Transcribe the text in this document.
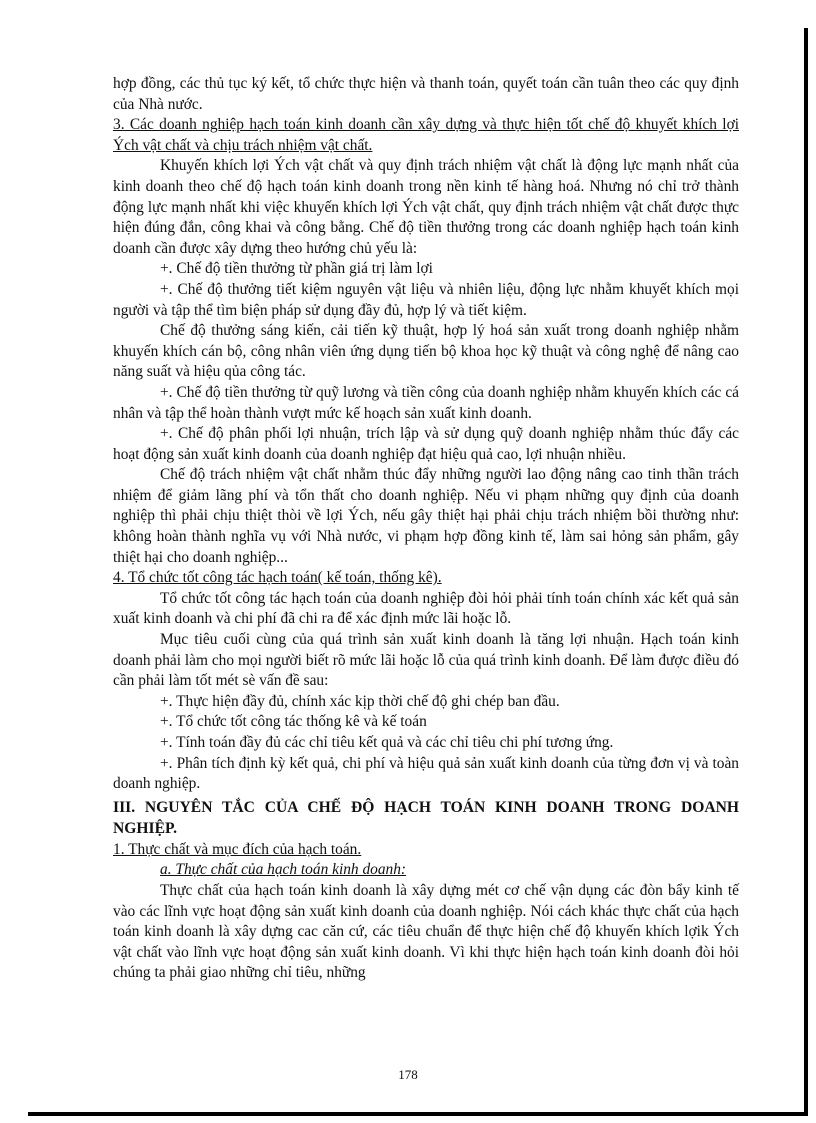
hợp đồng, các thủ tục ký kết, tổ chức thực hiện và thanh toán, quyết toán cần tuân theo các quy định của Nhà nước.

3. Các doanh nghiệp hạch toán kinh doanh cần xây dựng và thực hiện tốt chế độ khuyết khích lợi Ých vật chất và chịu trách nhiệm vật chất.

Khuyến khích lợi Ých vật chất và quy định trách nhiệm vật chất là động lực mạnh nhất của kinh doanh theo chế độ hạch toán kinh doanh trong nền kinh tế hàng hoá. Nhưng nó chỉ trở thành động lực mạnh nhất khi việc khuyến khích lợi Ých vật chất, quy định trách nhiệm vật chất được thực hiện đúng đắn, công khai và công bằng. Chế độ tiền thưởng trong các doanh nghiệp hạch toán kinh doanh cần được xây dựng theo hướng chủ yếu là:

+. Chế độ tiền thưởng từ phần giá trị làm lợi

+. Chế độ thưởng tiết kiệm nguyên vật liệu và nhiên liệu, động lực nhằm khuyết khích mọi người và tập thể tìm biện pháp sử dụng đầy đủ, hợp lý và tiết kiệm.

Chế độ thưởng sáng kiến, cải tiến kỹ thuật, hợp lý hoá sản xuất trong doanh nghiệp nhằm khuyến khích cán bộ, công nhân viên ứng dụng tiến bộ khoa học kỹ thuật và công nghệ để nâng cao năng suất và hiệu qủa công tác.

+. Chế độ tiền thưởng từ quỹ lương và tiền công của doanh nghiệp nhằm khuyến khích các cá nhân và tập thể hoàn thành vượt mức kế hoạch sản xuất kinh doanh.

+. Chế độ phân phối lợi nhuận, trích lập và sử dụng quỹ doanh nghiệp nhằm thúc đẩy các hoạt động sản xuất kinh doanh của doanh nghiệp đạt hiệu quả cao, lợi nhuận nhiều.

Chế độ trách nhiệm vật chất nhằm thúc đẩy những người lao động nâng cao tinh thần trách nhiệm để giảm lãng phí và tổn thất cho doanh nghiệp. Nếu vi phạm những quy định của doanh nghiệp thì phải chịu thiệt thòi về lợi Ých, nếu gây thiệt hại phải chịu trách nhiệm bồi thường như: không hoàn thành nghĩa vụ với Nhà nước, vi phạm hợp đồng kinh tế, làm sai hỏng sản phẩm, gây thiệt hại cho doanh nghiệp...

4. Tổ chức tốt công tác hạch toán( kế toán, thống kê).

Tổ chức tốt công tác hạch toán của doanh nghiệp đòi hỏi phải tính toán chính xác kết quả sản xuất kinh doanh và chi phí đã chi ra để xác định mức lãi hoặc lỗ.

Mục tiêu cuối cùng của quá trình sản xuất kinh doanh là tăng lợi nhuận. Hạch toán kinh doanh phải làm cho mọi người biết rõ mức lãi hoặc lỗ của quá trình kinh doanh. Để làm được điều đó cần phải làm tốt mét sè vấn đề sau:

+. Thực hiện đầy đủ, chính xác kịp thời chế độ ghi chép ban đầu.

+. Tổ chức tốt công tác thống kê và kế toán

+. Tính toán đầy đủ các chỉ tiêu kết quả và các chỉ tiêu chi phí tương ứng.

+. Phân tích định kỳ kết quả, chi phí và hiệu quả sản xuất kinh doanh của từng đơn vị và toàn doanh nghiệp.

III. NGUYÊN TẮC CỦA CHẾ ĐỘ HẠCH TOÁN KINH DOANH TRONG DOANH NGHIỆP.

1. Thực chất và mục đích của hạch toán.

a. Thực chất của hạch toán kinh doanh:

Thực chất của hạch toán kinh doanh là xây dựng mét cơ chế vận dụng các đòn bẩy kinh tế vào các lĩnh vực hoạt động sản xuất kinh doanh của doanh nghiệp. Nói cách khác thực chất của hạch toán kinh doanh là xây dựng cac căn cứ, các tiêu chuẩn để thực hiện chế độ khuyến khích lợik Ých vật chất vào lĩnh vực hoạt động sản xuất kinh doanh. Vì khi thực hiện hạch toán kinh doanh đòi hỏi chúng ta phải giao những chỉ tiêu, những

178
